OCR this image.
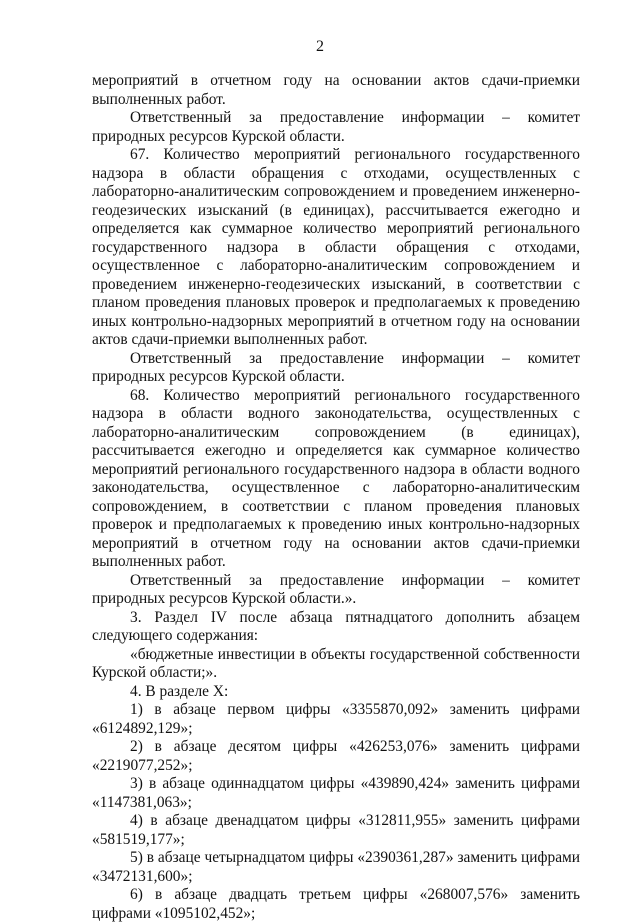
2

мероприятий в отчетном году на основании актов сдачи-приемки выполненных работ.

Ответственный за предоставление информации – комитет природных ресурсов Курской области.

67. Количество мероприятий регионального государственного надзора в области обращения с отходами, осуществленных с лабораторно-аналитическим сопровождением и проведением инженерно-геодезических изысканий (в единицах), рассчитывается ежегодно и определяется как суммарное количество мероприятий регионального государственного надзора в области обращения с отходами, осуществленное с лабораторно-аналитическим сопровождением и проведением инженерно-геодезических изысканий, в соответствии с планом проведения плановых проверок и предполагаемых к проведению иных контрольно-надзорных мероприятий в отчетном году на основании актов сдачи-приемки выполненных работ.

Ответственный за предоставление информации – комитет природных ресурсов Курской области.

68. Количество мероприятий регионального государственного надзора в области водного законодательства, осуществленных с лабораторно-аналитическим сопровождением (в единицах), рассчитывается ежегодно и определяется как суммарное количество мероприятий регионального государственного надзора в области водного законодательства, осуществленное с лабораторно-аналитическим сопровождением, в соответствии с планом проведения плановых проверок и предполагаемых к проведению иных контрольно-надзорных мероприятий в отчетном году на основании актов сдачи-приемки выполненных работ.

Ответственный за предоставление информации – комитет природных ресурсов Курской области.».

3. Раздел IV после абзаца пятнадцатого дополнить абзацем следующего содержания:

«бюджетные инвестиции в объекты государственной собственности Курской области;».

4. В разделе X:

1) в абзаце первом цифры «3355870,092» заменить цифрами «6124892,129»;

2) в абзаце десятом цифры «426253,076» заменить цифрами «2219077,252»;

3) в абзаце одиннадцатом цифры «439890,424» заменить цифрами «1147381,063»;

4) в абзаце двенадцатом цифры «312811,955» заменить цифрами «581519,177»;

5) в абзаце четырнадцатом цифры «2390361,287» заменить цифрами «3472131,600»;

6) в абзаце двадцать третьем цифры «268007,576» заменить цифрами «1095102,452»;
